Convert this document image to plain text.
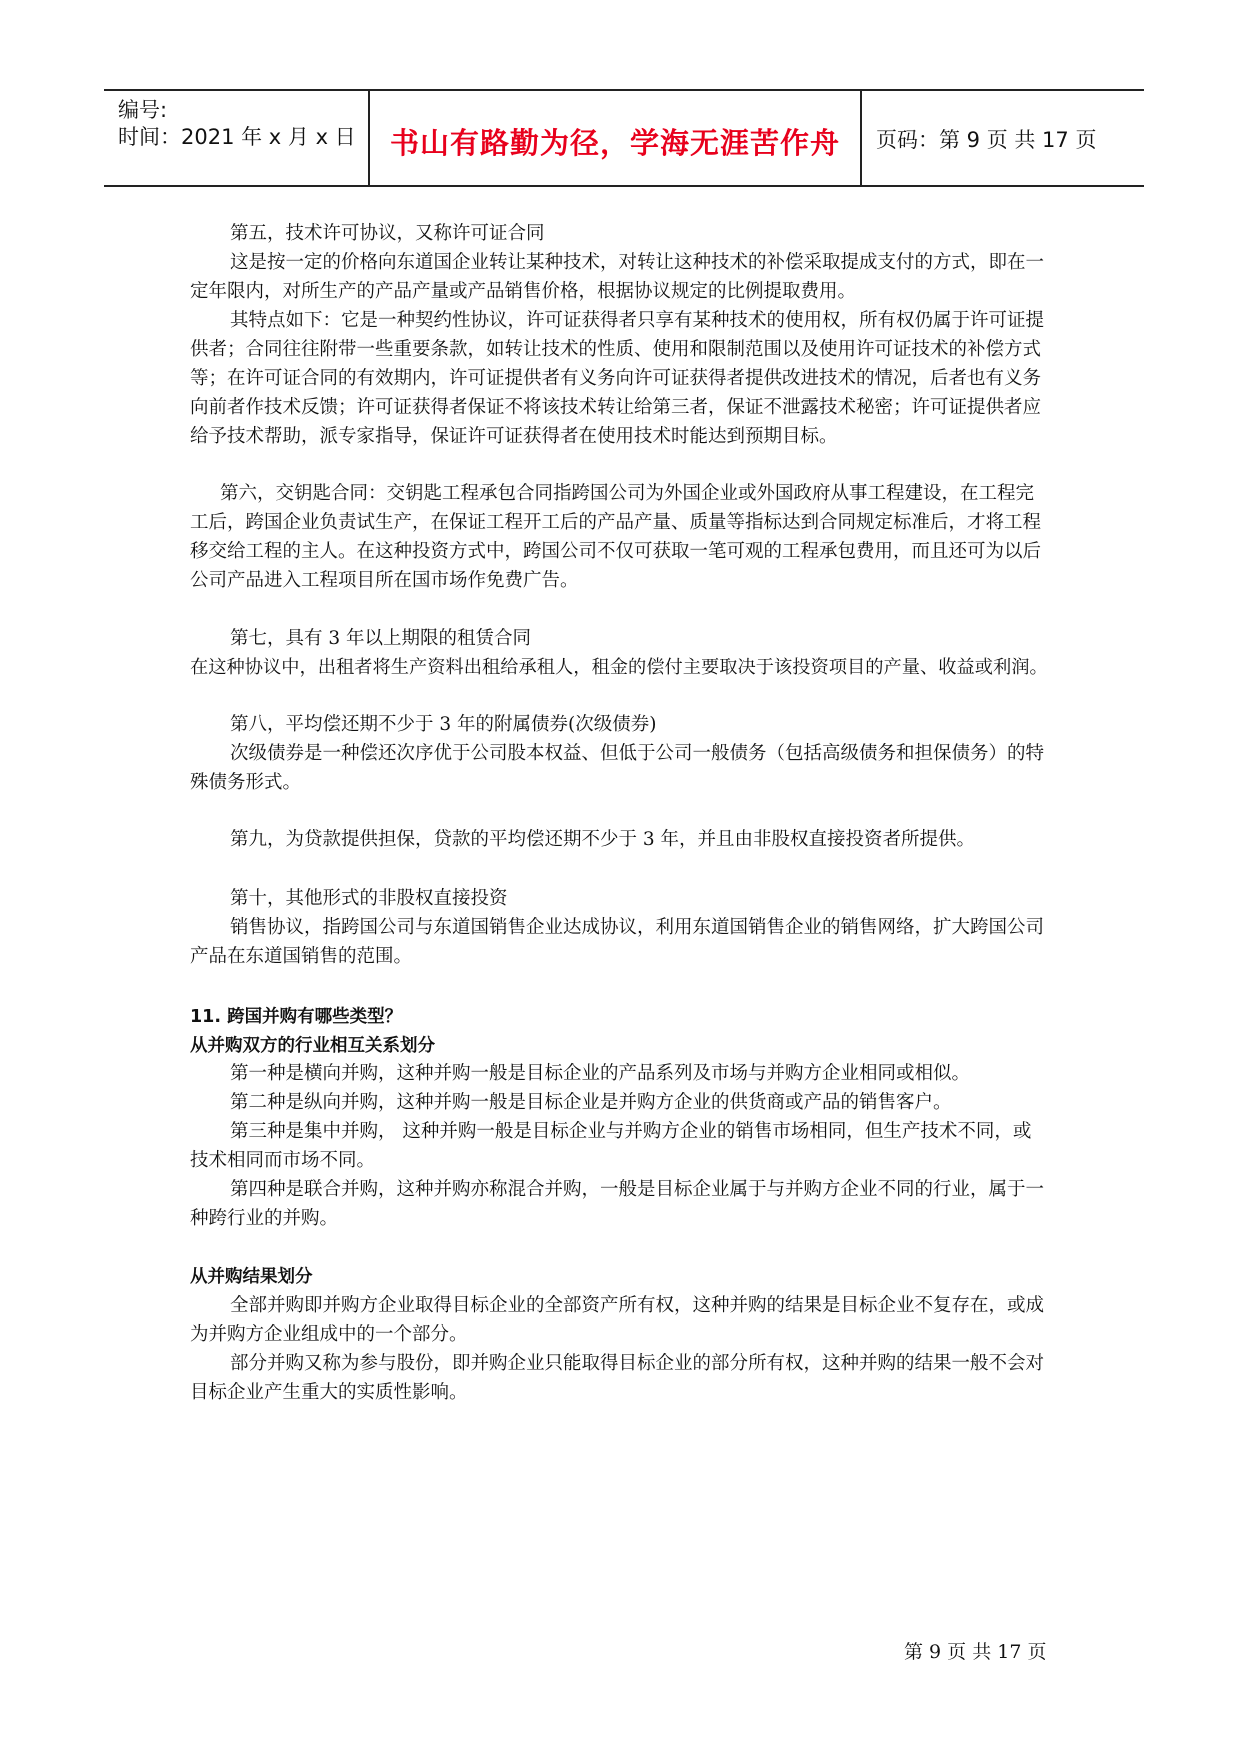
编号:
时间：2021 年 x 月 x 日	书山有路勤为径，学海无涯苦作舟	页码：第 9 页 共 17 页
第五，技术许可协议，又称许可证合同
这是按一定的价格向东道国企业转让某种技术，对转让这种技术的补偿采取提成支付的方式，即在一
定年限内，对所生产的产品产量或产品销售价格，根据协议规定的比例提取费用。
其特点如下：它是一种契约性协议，许可证获得者只享有某种技术的使用权，所有权仍属于许可证提
供者；合同往往附带一些重要条款，如转让技术的性质、使用和限制范围以及使用许可证技术的补偿方式
等；在许可证合同的有效期内，许可证提供者有义务向许可证获得者提供改进技术的情况，后者也有义务
向前者作技术反馈；许可证获得者保证不将该技术转让给第三者，保证不泄露技术秘密；许可证提供者应
给予技术帮助，派专家指导，保证许可证获得者在使用技术时能达到预期目标。
第六，交钥匙合同：交钥匙工程承包合同指跨国公司为外国企业或外国政府从事工程建设，在工程完
工后，跨国企业负责试生产，在保证工程开工后的产品产量、质量等指标达到合同规定标准后，才将工程
移交给工程的主人。在这种投资方式中，跨国公司不仅可获取一笔可观的工程承包费用，而且还可为以后
公司产品进入工程项目所在国市场作免费广告。
第七，具有 3 年以上期限的租赁合同
在这种协议中，出租者将生产资料出租给承租人，租金的偿付主要取决于该投资项目的产量、收益或利润。
第八，平均偿还期不少于 3 年的附属债券(次级债券)
次级债券是一种偿还次序优于公司股本权益、但低于公司一般债务（包括高级债务和担保债务）的特
殊债务形式。
第九，为贷款提供担保，贷款的平均偿还期不少于 3 年，并且由非股权直接投资者所提供。
第十，其他形式的非股权直接投资
销售协议，指跨国公司与东道国销售企业达成协议，利用东道国销售企业的销售网络，扩大跨国公司
产品在东道国销售的范围。
11. 跨国并购有哪些类型？
从并购双方的行业相互关系划分
第一种是横向并购，这种并购一般是目标企业的产品系列及市场与并购方企业相同或相似。
第二种是纵向并购，这种并购一般是目标企业是并购方企业的供货商或产品的销售客户。
第三种是集中并购， 这种并购一般是目标企业与并购方企业的销售市场相同，但生产技术不同，或
技术相同而市场不同。
第四种是联合并购，这种并购亦称混合并购，一般是目标企业属于与并购方企业不同的行业，属于一
种跨行业的并购。
从并购结果划分
全部并购即并购方企业取得目标企业的全部资产所有权，这种并购的结果是目标企业不复存在，或成
为并购方企业组成中的一个部分。
部分并购又称为参与股份，即并购企业只能取得目标企业的部分所有权，这种并购的结果一般不会对
目标企业产生重大的实质性影响。
第 9 页 共 17 页
